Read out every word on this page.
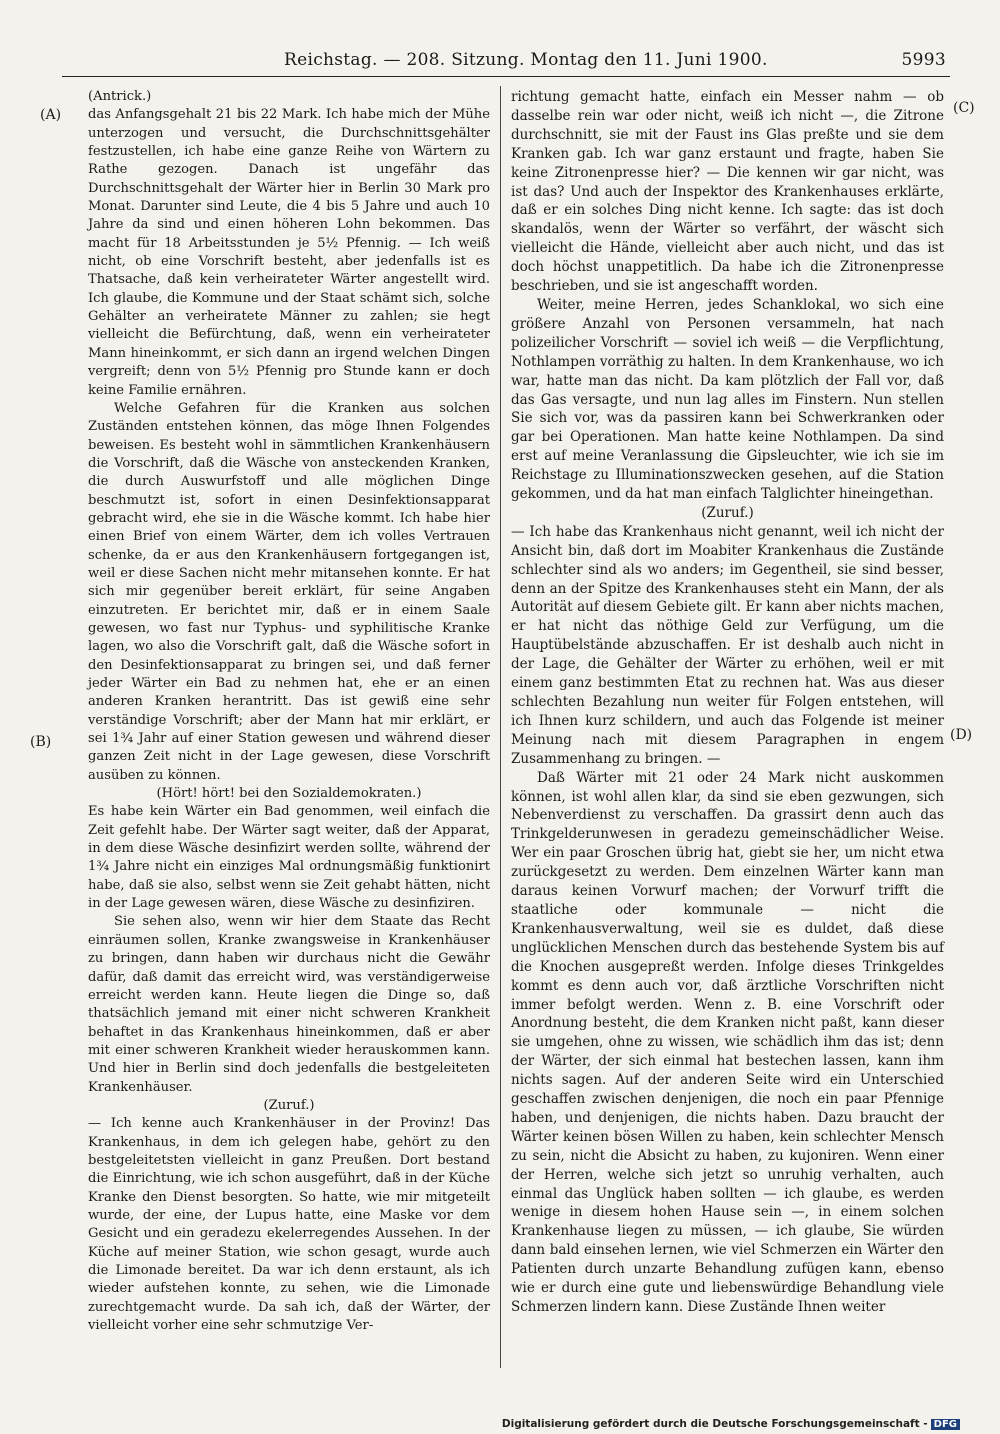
Reichstag. — 208. Sitzung. Montag den 11. Juni 1900.	5993
(A)
(B)
(C)
(D)

(Antrick.)

das Anfangsgehalt 21 bis 22 Mark. Ich habe mich der Mühe unterzogen und versucht, die Durchschnittsgehälter festzustellen, ich habe eine ganze Reihe von Wärtern zu Rathe gezogen. Danach ist ungefähr das Durchschnittsgehalt der Wärter hier in Berlin 30 Mark pro Monat. Darunter sind Leute, die 4 bis 5 Jahre und auch 10 Jahre da sind und einen höheren Lohn bekommen. Das macht für 18 Arbeitsstunden je 5½ Pfennig. — Ich weiß nicht, ob eine Vorschrift besteht, aber jedenfalls ist es Thatsache, daß kein verheirateter Wärter angestellt wird. Ich glaube, die Kommune und der Staat schämt sich, solche Gehälter an verheiratete Männer zu zahlen; sie hegt vielleicht die Befürchtung, daß, wenn ein verheirateter Mann hineinkommt, er sich dann an irgend welchen Dingen vergreift; denn von 5½ Pfennig pro Stunde kann er doch keine Familie ernähren.

Welche Gefahren für die Kranken aus solchen Zuständen entstehen können, das möge Ihnen Folgendes beweisen. Es besteht wohl in sämmtlichen Krankenhäusern die Vorschrift, daß die Wäsche von ansteckenden Kranken, die durch Auswurfstoff und alle möglichen Dinge beschmutzt ist, sofort in einen Desinfektionsapparat gebracht wird, ehe sie in die Wäsche kommt. Ich habe hier einen Brief von einem Wärter, dem ich volles Vertrauen schenke, da er aus den Krankenhäusern fortgegangen ist, weil er diese Sachen nicht mehr mitansehen konnte. Er hat sich mir gegenüber bereit erklärt, für seine Angaben einzutreten. Er berichtet mir, daß er in einem Saale gewesen, wo fast nur Typhus- und syphilitische Kranke lagen, wo also die Vorschrift galt, daß die Wäsche sofort in den Desinfektionsapparat zu bringen sei, und daß ferner jeder Wärter ein Bad zu nehmen hat, ehe er an einen anderen Kranken herantritt. Das ist gewiß eine sehr verständige Vorschrift; aber der Mann hat mir erklärt, er sei 1¾ Jahr auf einer Station gewesen und während dieser ganzen Zeit nicht in der Lage gewesen, diese Vorschrift ausüben zu können.

(Hört! hört! bei den Sozialdemokraten.)

Es habe kein Wärter ein Bad genommen, weil einfach die Zeit gefehlt habe. Der Wärter sagt weiter, daß der Apparat, in dem diese Wäsche desinfizirt werden sollte, während der 1¾ Jahre nicht ein einziges Mal ordnungsmäßig funktionirt habe, daß sie also, selbst wenn sie Zeit gehabt hätten, nicht in der Lage gewesen wären, diese Wäsche zu desinfiziren.

Sie sehen also, wenn wir hier dem Staate das Recht einräumen sollen, Kranke zwangsweise in Krankenhäuser zu bringen, dann haben wir durchaus nicht die Gewähr dafür, daß damit das erreicht wird, was verständigerweise erreicht werden kann. Heute liegen die Dinge so, daß thatsächlich jemand mit einer nicht schweren Krankheit behaftet in das Krankenhaus hineinkommen, daß er aber mit einer schweren Krankheit wieder herauskommen kann. Und hier in Berlin sind doch jedenfalls die bestgeleiteten Krankenhäuser.

(Zuruf.)

— Ich kenne auch Krankenhäuser in der Provinz! Das Krankenhaus, in dem ich gelegen habe, gehört zu den bestgeleitetsten vielleicht in ganz Preußen. Dort bestand die Einrichtung, wie ich schon ausgeführt, daß in der Küche Kranke den Dienst besorgten. So hatte, wie mir mitgeteilt wurde, der eine, der Lupus hatte, eine Maske vor dem Gesicht und ein geradezu ekelerregendes Aussehen. In der Küche auf meiner Station, wie schon gesagt, wurde auch die Limonade bereitet. Da war ich denn erstaunt, als ich wieder aufstehen konnte, zu sehen, wie die Limonade zurechtgemacht wurde. Da sah ich, daß der Wärter, der vielleicht vorher eine sehr schmutzige Ver-

richtung gemacht hatte, einfach ein Messer nahm — ob dasselbe rein war oder nicht, weiß ich nicht —, die Zitrone durchschnitt, sie mit der Faust ins Glas preßte und sie dem Kranken gab. Ich war ganz erstaunt und fragte, haben Sie keine Zitronenpresse hier? — Die kennen wir gar nicht, was ist das? Und auch der Inspektor des Krankenhauses erklärte, daß er ein solches Ding nicht kenne. Ich sagte: das ist doch skandalös, wenn der Wärter so verfährt, der wäscht sich vielleicht die Hände, vielleicht aber auch nicht, und das ist doch höchst unappetitlich. Da habe ich die Zitronenpresse beschrieben, und sie ist angeschafft worden.

Weiter, meine Herren, jedes Schanklokal, wo sich eine größere Anzahl von Personen versammeln, hat nach polizeilicher Vorschrift — soviel ich weiß — die Verpflichtung, Nothlampen vorräthig zu halten. In dem Krankenhause, wo ich war, hatte man das nicht. Da kam plötzlich der Fall vor, daß das Gas versagte, und nun lag alles im Finstern. Nun stellen Sie sich vor, was da passiren kann bei Schwerkranken oder gar bei Operationen. Man hatte keine Nothlampen. Da sind erst auf meine Veranlassung die Gipsleuchter, wie ich sie im Reichstage zu Illuminationszwecken gesehen, auf die Station gekommen, und da hat man einfach Talglichter hineingethan.

(Zuruf.)

— Ich habe das Krankenhaus nicht genannt, weil ich nicht der Ansicht bin, daß dort im Moabiter Krankenhaus die Zustände schlechter sind als wo anders; im Gegentheil, sie sind besser, denn an der Spitze des Krankenhauses steht ein Mann, der als Autorität auf diesem Gebiete gilt. Er kann aber nichts machen, er hat nicht das nöthige Geld zur Verfügung, um die Hauptübelstände abzuschaffen. Er ist deshalb auch nicht in der Lage, die Gehälter der Wärter zu erhöhen, weil er mit einem ganz bestimmten Etat zu rechnen hat. Was aus dieser schlechten Bezahlung nun weiter für Folgen entstehen, will ich Ihnen kurz schildern, und auch das Folgende ist meiner Meinung nach mit diesem Paragraphen in engem Zusammenhang zu bringen. —

Daß Wärter mit 21 oder 24 Mark nicht auskommen können, ist wohl allen klar, da sind sie eben gezwungen, sich Nebenverdienst zu verschaffen. Da grassirt denn auch das Trinkgelderunwesen in geradezu gemeinschädlicher Weise. Wer ein paar Groschen übrig hat, giebt sie her, um nicht etwa zurückgesetzt zu werden. Dem einzelnen Wärter kann man daraus keinen Vorwurf machen; der Vorwurf trifft die staatliche oder kommunale — nicht die Krankenhausverwaltung, weil sie es duldet, daß diese unglücklichen Menschen durch das bestehende System bis auf die Knochen ausgepreßt werden. Infolge dieses Trinkgeldes kommt es denn auch vor, daß ärztliche Vorschriften nicht immer befolgt werden. Wenn z. B. eine Vorschrift oder Anordnung besteht, die dem Kranken nicht paßt, kann dieser sie umgehen, ohne zu wissen, wie schädlich ihm das ist; denn der Wärter, der sich einmal hat bestechen lassen, kann ihm nichts sagen. Auf der anderen Seite wird ein Unterschied geschaffen zwischen denjenigen, die noch ein paar Pfennige haben, und denjenigen, die nichts haben. Dazu braucht der Wärter keinen bösen Willen zu haben, kein schlechter Mensch zu sein, nicht die Absicht zu haben, zu kujoniren. Wenn einer der Herren, welche sich jetzt so unruhig verhalten, auch einmal das Unglück haben sollten — ich glaube, es werden wenige in diesem hohen Hause sein —, in einem solchen Krankenhause liegen zu müssen, — ich glaube, Sie würden dann bald einsehen lernen, wie viel Schmerzen ein Wärter den Patienten durch unzarte Behandlung zufügen kann, ebenso wie er durch eine gute und liebenswürdige Behandlung viele Schmerzen lindern kann. Diese Zustände Ihnen weiter

Digitalisierung gefördert durch die Deutsche Forschungsgemeinschaft - DFG
